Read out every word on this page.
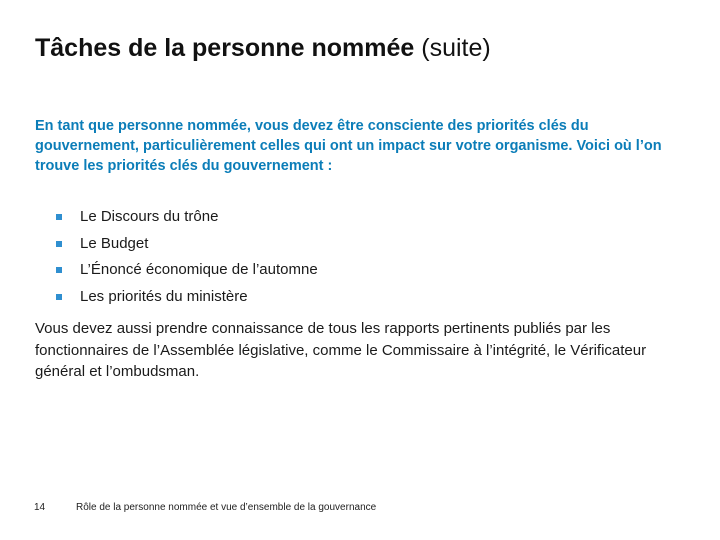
Tâches de la personne nommée (suite)
En tant que personne nommée, vous devez être consciente des priorités clés du gouvernement, particulièrement celles qui ont un impact sur votre organisme. Voici où l’on trouve les priorités clés du gouvernement :
Le Discours du trône
Le Budget
L’Énoncé économique de l’automne
Les priorités du ministère
Vous devez aussi prendre connaissance de tous les rapports pertinents publiés par les fonctionnaires de l’Assemblée législative, comme le Commissaire à l’intégrité, le Vérificateur général et l’ombudsman.
14	Rôle de la personne nommée et vue d’ensemble de la gouvernance
